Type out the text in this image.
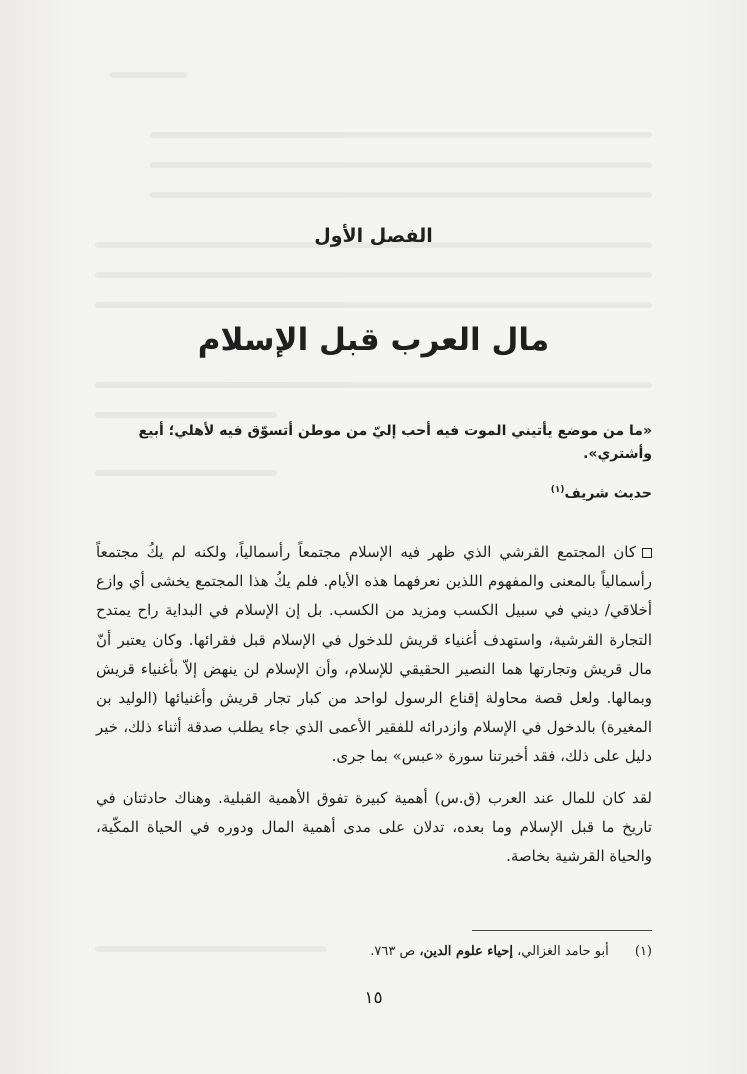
الفصل الأول
مال العرب قبل الإسلام
«ما من موضع يأتيني الموت فيه أحب إليّ من موطن أتسوّق فيه لأهلي؛ أبيع وأشتري».
حديث شريف$^{(١)}$

كان المجتمع القرشي الذي ظهر فيه الإسلام مجتمعاً رأسمالياً، ولكنه لم يكُ مجتمعاً رأسمالياً بالمعنى والمفهوم اللذين نعرفهما هذه الأيام. فلم يكُ هذا المجتمع يخشى أي وازع أخلاقي/ ديني في سبيل الكسب ومزيد من الكسب. بل إن الإسلام في البداية راح يمتدح التجارة القرشية، واستهدف أغنياء قريش للدخول في الإسلام قبل فقرائها. وكان يعتبر أنّ مال قريش وتجارتها هما النصير الحقيقي للإسلام، وأن الإسلام لن ينهض إلاّ بأغنياء قريش وبمالها. ولعل قصة محاولة إقناع الرسول لواحد من كبار تجار قريش وأغنيائها (الوليد بن المغيرة) بالدخول في الإسلام وازدرائه للفقير الأعمى الذي جاء يطلب صدقة أثناء ذلك، خير دليل على ذلك، فقد أخبرتنا سورة «عبس» بما جرى.

لقد كان للمال عند العرب (ق.س) أهمية كبيرة تفوق الأهمية القبلية. وهناك حادثتان في تاريخ ما قبل الإسلام وما بعده، تدلان على مدى أهمية المال ودوره في الحياة المكّية، والحياة القرشية بخاصة.

(١) أبو حامد الغزالي، إحياء علوم الدين، ص ٧٦٣.
١٥
